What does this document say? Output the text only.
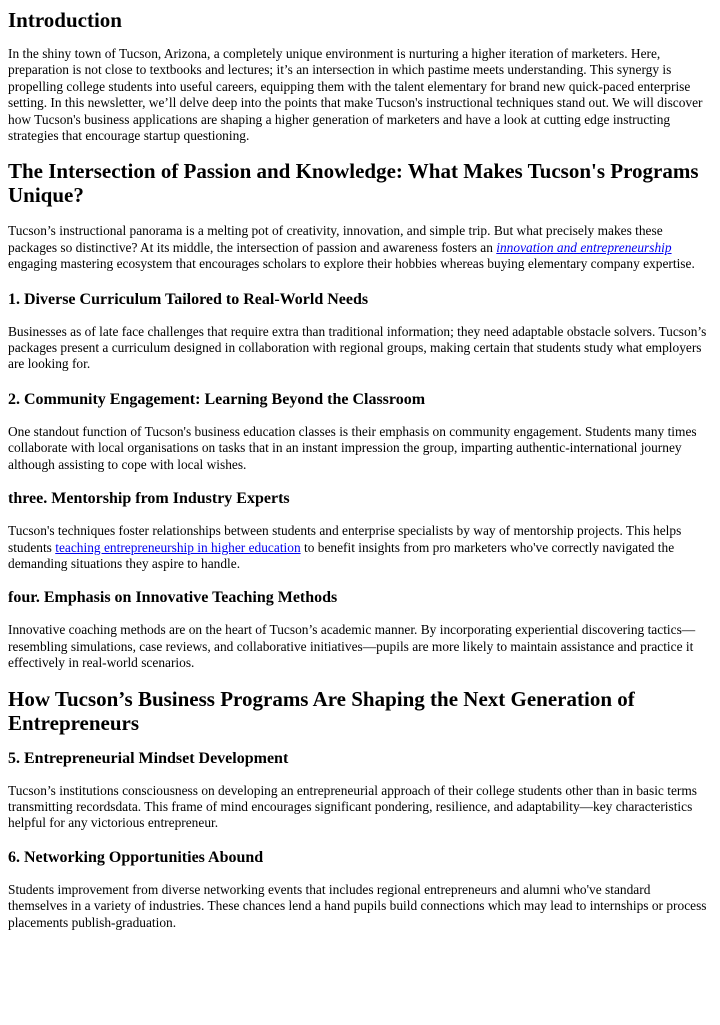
Introduction

In the shiny town of Tucson, Arizona, a completely unique environment is nurturing a higher iteration of marketers. Here, preparation is not close to textbooks and lectures; it’s an intersection in which pastime meets understanding. This synergy is propelling college students into useful careers, equipping them with the talent elementary for brand new quick-paced enterprise setting. In this newsletter, we’ll delve deep into the points that make Tucson's instructional techniques stand out. We will discover how Tucson's business applications are shaping a higher generation of marketers and have a look at cutting edge instructing strategies that encourage startup questioning.

The Intersection of Passion and Knowledge: What Makes Tucson's Programs Unique?

Tucson’s instructional panorama is a melting pot of creativity, innovation, and simple trip. But what precisely makes these packages so distinctive? At its middle, the intersection of passion and awareness fosters an innovation and entrepreneurship engaging mastering ecosystem that encourages scholars to explore their hobbies whereas buying elementary company expertise.

1. Diverse Curriculum Tailored to Real-World Needs

Businesses as of late face challenges that require extra than traditional information; they need adaptable obstacle solvers. Tucson’s packages present a curriculum designed in collaboration with regional groups, making certain that students study what employers are looking for.

2. Community Engagement: Learning Beyond the Classroom

One standout function of Tucson's business education classes is their emphasis on community engagement. Students many times collaborate with local organisations on tasks that in an instant impression the group, imparting authentic-international journey although assisting to cope with local wishes.

three. Mentorship from Industry Experts

Tucson's techniques foster relationships between students and enterprise specialists by way of mentorship projects. This helps students teaching entrepreneurship in higher education to benefit insights from pro marketers who've correctly navigated the demanding situations they aspire to handle.

four. Emphasis on Innovative Teaching Methods

Innovative coaching methods are on the heart of Tucson’s academic manner. By incorporating experiential discovering tactics—resembling simulations, case reviews, and collaborative initiatives—pupils are more likely to maintain assistance and practice it effectively in real-world scenarios.

How Tucson’s Business Programs Are Shaping the Next Generation of Entrepreneurs
5. Entrepreneurial Mindset Development

Tucson’s institutions consciousness on developing an entrepreneurial approach of their college students other than in basic terms transmitting recordsdata. This frame of mind encourages significant pondering, resilience, and adaptability—key characteristics helpful for any victorious entrepreneur.

6. Networking Opportunities Abound

Students improvement from diverse networking events that includes regional entrepreneurs and alumni who've standard themselves in a variety of industries. These chances lend a hand pupils build connections which may lead to internships or process placements publish-graduation.
